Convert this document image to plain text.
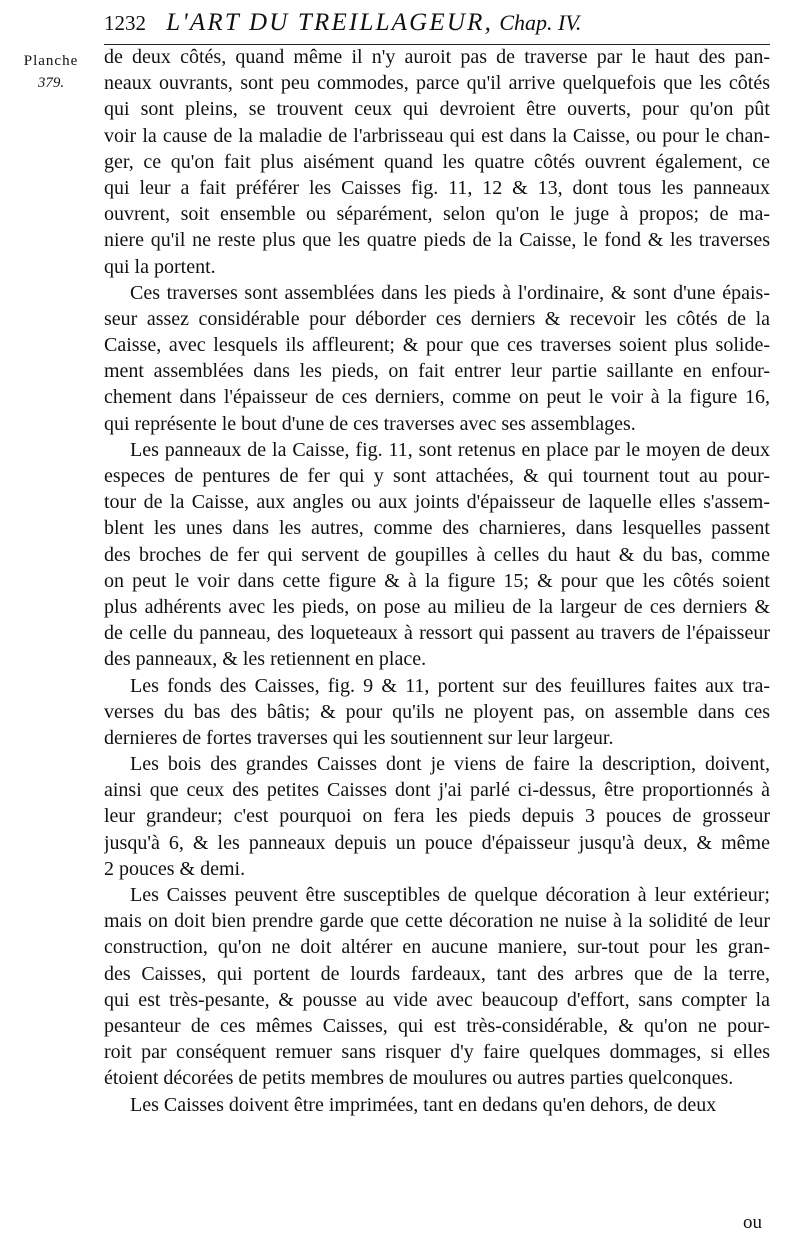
1232 L'ART DU TREILLAGEUR, Chap. IV.
Planche
379.
de deux côtés, quand même il n'y auroit pas de traverse par le haut des pan-
neaux ouvrants, sont peu commodes, parce qu'il arrive quelquefois que les côtés
qui sont pleins, se trouvent ceux qui devroient être ouverts, pour qu'on pût
voir la cause de la maladie de l'arbrisseau qui est dans la Caisse, ou pour le chan-
ger, ce qu'on fait plus aisément quand les quatre côtés ouvrent également, ce
qui leur a fait préférer les Caisses fig. 11, 12 & 13, dont tous les panneaux
ouvrent, soit ensemble ou séparément, selon qu'on le juge à propos; de ma-
niere qu'il ne reste plus que les quatre pieds de la Caisse, le fond & les traverses
qui la portent.
Ces traverses sont assemblées dans les pieds à l'ordinaire, & sont d'une épais-
seur assez considérable pour déborder ces derniers & recevoir les côtés de la
Caisse, avec lesquels ils affleurent; & pour que ces traverses soient plus solide-
ment assemblées dans les pieds, on fait entrer leur partie saillante en enfour-
chement dans l'épaisseur de ces derniers, comme on peut le voir à la figure 16,
qui représente le bout d'une de ces traverses avec ses assemblages.
Les panneaux de la Caisse, fig. 11, sont retenus en place par le moyen de deux
especes de pentures de fer qui y sont attachées, & qui tournent tout au pour-
tour de la Caisse, aux angles ou aux joints d'épaisseur de laquelle elles s'assem-
blent les unes dans les autres, comme des charnieres, dans lesquelles passent
des broches de fer qui servent de goupilles à celles du haut & du bas, comme
on peut le voir dans cette figure & à la figure 15; & pour que les côtés soient
plus adhérents avec les pieds, on pose au milieu de la largeur de ces derniers &
de celle du panneau, des loqueteaux à ressort qui passent au travers de l'épaisseur
des panneaux, & les retiennent en place.
Les fonds des Caisses, fig. 9 & 11, portent sur des feuillures faites aux tra-
verses du bas des bâtis; & pour qu'ils ne ployent pas, on assemble dans ces
dernieres de fortes traverses qui les soutiennent sur leur largeur.
Les bois des grandes Caisses dont je viens de faire la description, doivent,
ainsi que ceux des petites Caisses dont j'ai parlé ci-dessus, être proportionnés à
leur grandeur; c'est pourquoi on fera les pieds depuis 3 pouces de grosseur
jusqu'à 6, & les panneaux depuis un pouce d'épaisseur jusqu'à deux, & même
2 pouces & demi.
Les Caisses peuvent être susceptibles de quelque décoration à leur extérieur;
mais on doit bien prendre garde que cette décoration ne nuise à la solidité de leur
construction, qu'on ne doit altérer en aucune maniere, sur-tout pour les gran-
des Caisses, qui portent de lourds fardeaux, tant des arbres que de la terre,
qui est très-pesante, & pousse au vide avec beaucoup d'effort, sans compter la
pesanteur de ces mêmes Caisses, qui est très-considérable, & qu'on ne pour-
roit par conséquent remuer sans risquer d'y faire quelques dommages, si elles
étoient décorées de petits membres de moulures ou autres parties quelconques.
Les Caisses doivent être imprimées, tant en dedans qu'en dehors, de deux
ou
